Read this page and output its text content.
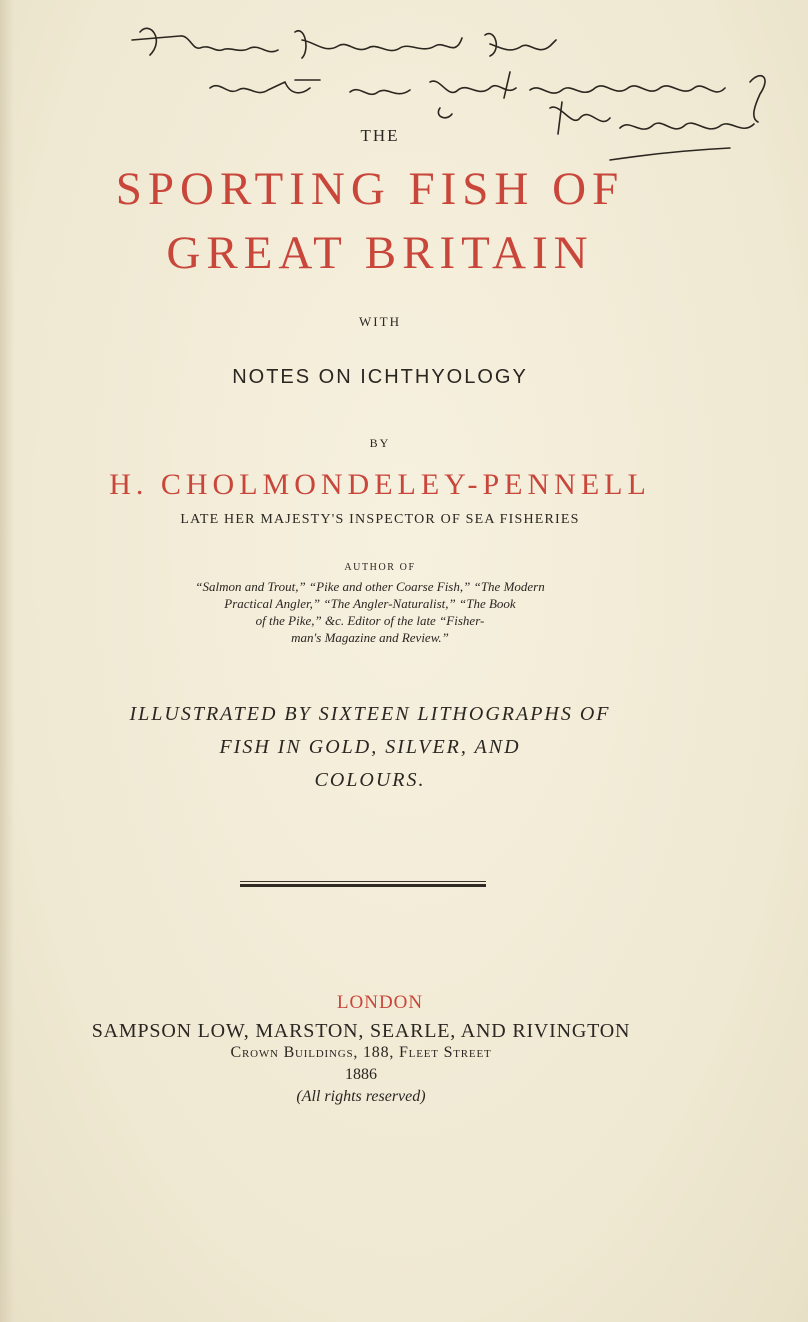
THE
SPORTING FISH OF
GREAT BRITAIN
WITH
NOTES ON ICHTHYOLOGY
BY
H. CHOLMONDELEY-PENNELL
LATE HER MAJESTY'S INSPECTOR OF SEA FISHERIES
AUTHOR OF
“Salmon and Trout,” “Pike and other Coarse Fish,” “The Modern
Practical Angler,” “The Angler-Naturalist,” “The Book
of the Pike,” &c. Editor of the late “Fisher-
man's Magazine and Review.”
ILLUSTRATED BY SIXTEEN LITHOGRAPHS OF
FISH IN GOLD, SILVER, AND
COLOURS.
LONDON
SAMPSON LOW, MARSTON, SEARLE, AND RIVINGTON
Crown Buildings, 188, Fleet Street
1886
(All rights reserved)
